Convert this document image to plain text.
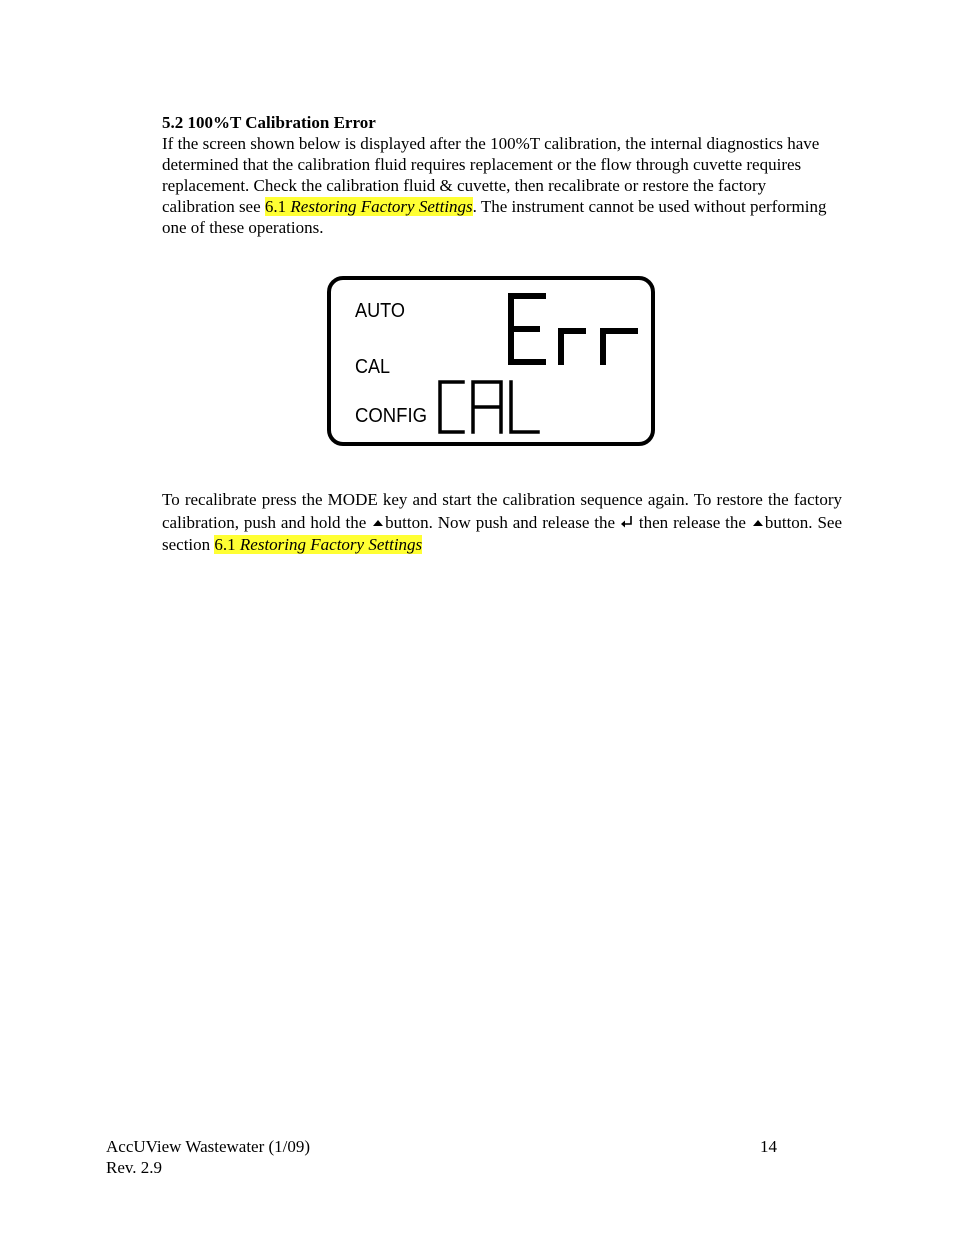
5.2 100%T Calibration Error
If the screen shown below is displayed after the 100%T calibration, the internal diagnostics have determined that the calibration fluid requires replacement or the flow through cuvette requires replacement. Check the calibration fluid & cuvette, then recalibrate or restore the factory calibration see 6.1 Restoring Factory Settings. The instrument cannot be used without performing one of these operations.
AUTO
CAL
CONFIG
To recalibrate press the MODE key and start the calibration sequence again. To restore the factory calibration, push and hold the button. Now push and release the  then release the button. See section 6.1 Restoring Factory Settings
AccUView Wastewater (1/09)
Rev. 2.9
14
